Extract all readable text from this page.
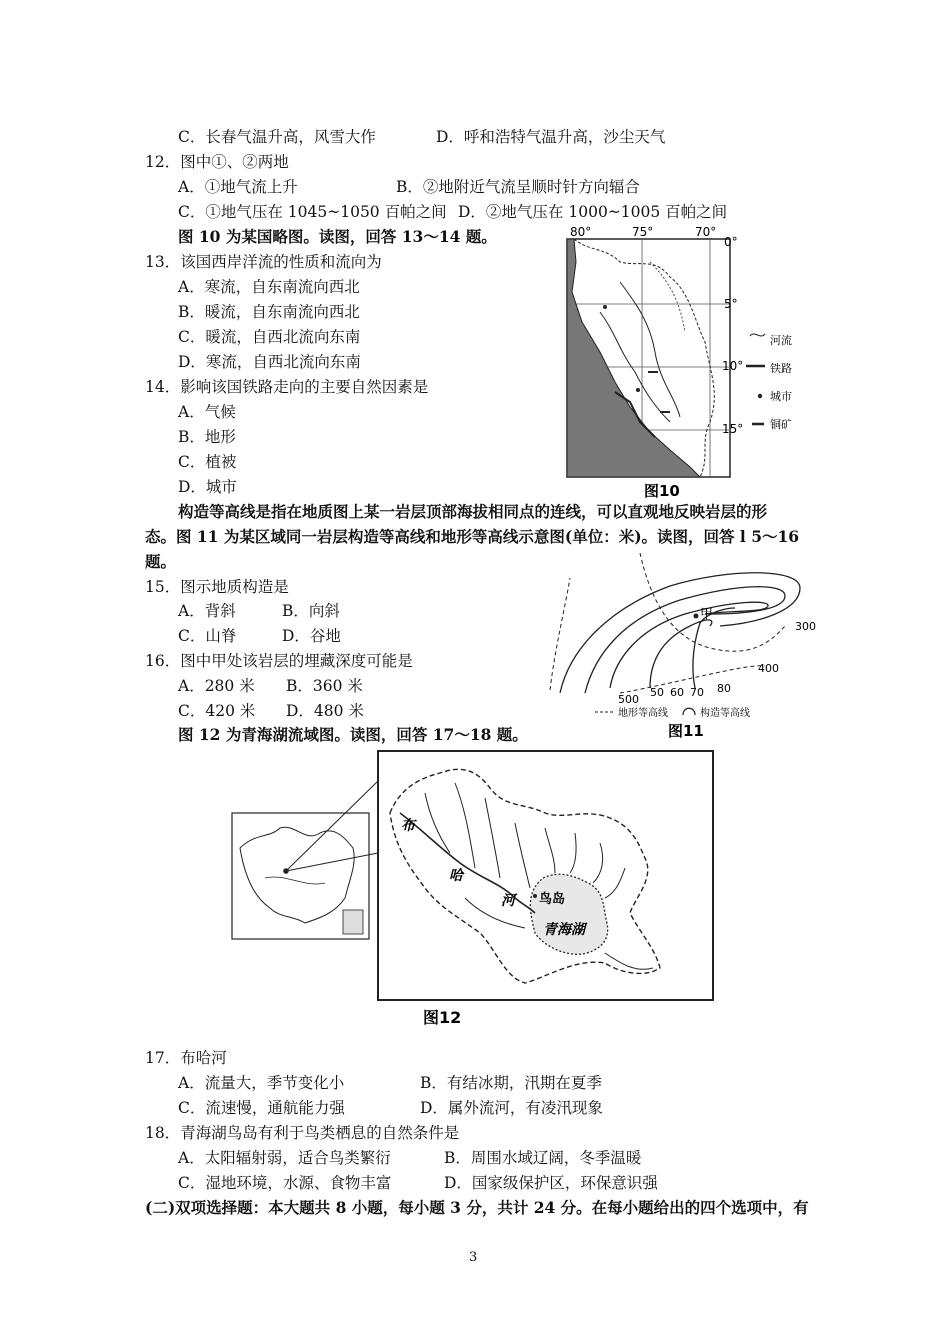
C．长春气温升高，风雪大作	D．呼和浩特气温升高，沙尘天气
12．图中①、②两地
A．①地气流上升	B．②地附近气流呈顺时针方向辐合
C．①地气压在 1045~1050 百帕之间 D．②地气压在 1000~1005 百帕之间
图 10 为某国略图。读图，回答 13～14 题。
13．该国西岸洋流的性质和流向为
A．寒流，自东南流向西北
B．暖流，自东南流向西北
C．暖流，自西北流向东南
D．寒流，自西北流向东南
14．影响该国铁路走向的主要自然因素是
A．气候
B．地形
C．植被
D．城市
构造等高线是指在地质图上某一岩层顶部海拔相同点的连线，可以直观地反映岩层的形
态。图 11 为某区域同一岩层构造等高线和地形等高线示意图(单位：米)。读图，回答 l 5～16
题。
15．图示地质构造是
A．背斜	B．向斜
C．山脊	D．谷地
16．图中甲处该岩层的埋藏深度可能是
A．280 米 B．360 米
C．420 米 D．480 米
图 12 为青海湖流域图。读图，回答 17～18 题。
17．布哈河
A．流量大，季节变化小	B．有结冰期，汛期在夏季
C．流速慢，通航能力强	D．属外流河，有凌汛现象
18．青海湖鸟岛有利于鸟类栖息的自然条件是
A．太阳辐射弱，适合鸟类繁衍	B．周围水域辽阔，冬季温暖
C．湿地环境，水源、食物丰富	D．国家级保护区，环保意识强
(二)双项选择题：本大题共 8 小题，每小题 3 分，共计 24 分。在每小题给出的四个选项中，有
3
80°	75°	70°
0°
5°
10°
15°
河流
铁路
城市
铜矿
图10
甲
300
400
500
50 60 70 80
地形等高线	构造等高线
图11
布
哈
河 鸟岛
青海湖
图12
